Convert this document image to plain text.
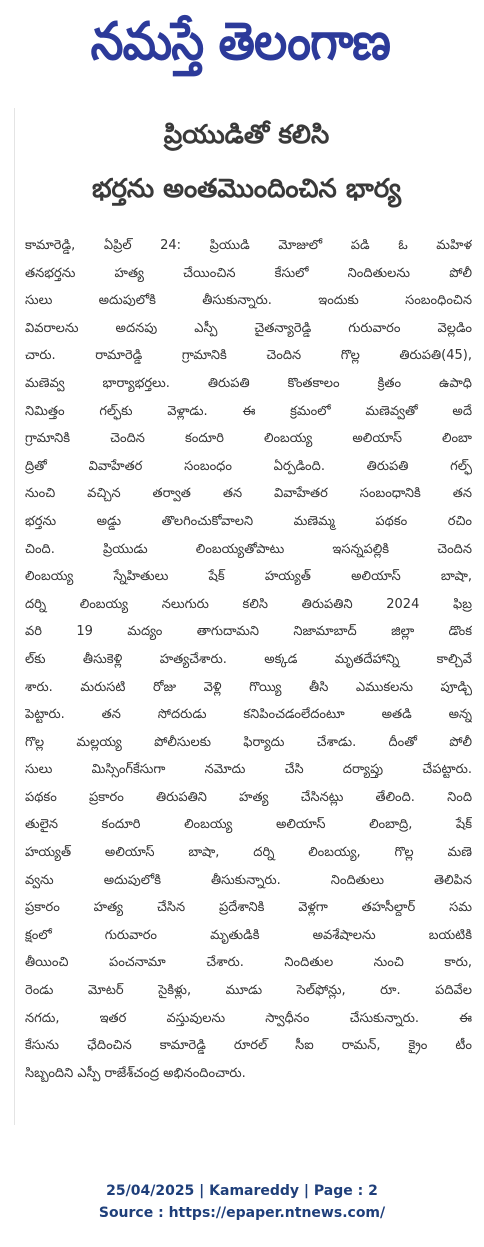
నమస్తే తెలంగాణ
ప్రియుడితో కలిసి
భర్తను అంతమొందించిన భార్య
కామారెడ్డి, ఏప్రిల్ 24: ప్రియుడి మోజులో పడి ఓ మహిళ
తనభర్తను హత్య చేయించిన కేసులో నిందితులను పోలీ
సులు అదుపులోకి తీసుకున్నారు. ఇందుకు సంబంధించిన
వివరాలను అదనపు ఎస్పీ చైతన్యారెడ్డి గురువారం వెల్లడిం
చారు. రామారెడ్డి గ్రామానికి చెందిన గొల్ల తిరుపతి(45),
మణెవ్వ భార్యాభర్తలు. తిరుపతి కొంతకాలం క్రితం ఉపాధి
నిమిత్తం గల్ఫ్‌కు వెళ్లాడు. ఈ క్రమంలో మణెవ్వతో అదే
గ్రామానికి చెందిన కందూరి లింబయ్య అలియాస్ లింబా
ద్రితో వివాహేతర సంబంధం ఏర్పడింది. తిరుపతి గల్ఫ్
నుంచి వచ్చిన తర్వాత తన వివాహేతర సంబంధానికి తన
భర్తను అడ్డు తొలగించుకోవాలని మణెమ్మ పథకం రచిం
చింది. ప్రియుడు లింబయ్యతోపాటు ఇసన్నపల్లికి చెందిన
లింబయ్య స్నేహితులు షేక్ హయ్యత్ అలియాస్ బాషా,
దర్ని లింబయ్య నలుగురు కలిసి తిరుపతిని 2024 ఫిబ్ర
వరి 19 మద్యం తాగుదామని నిజామాబాద్ జిల్లా డొంక
ల్‌కు తీసుకెళ్లి హత్యచేశారు. అక్కడ మృతదేహాన్ని కాల్చివే
శారు. మరుసటి రోజు వెళ్లి గొయ్యి తీసి ఎముకలను పూడ్చి
పెట్టారు. తన సోదరుడు కనిపించడంలేదంటూ అతడి అన్న
గొల్ల మల్లయ్య పోలీసులకు ఫిర్యాదు చేశాడు. దీంతో పోలీ
సులు మిస్సింగ్‌కేసుగా నమోదు చేసి దర్యాప్తు చేపట్టారు.
పథకం ప్రకారం తిరుపతిని హత్య చేసినట్లు తేలింది. నింది
తులైన కందూరి లింబయ్య అలియాస్ లింబాద్రి, షేక్
హయ్యత్ అలియాస్ బాషా, దర్ని లింబయ్య, గొల్ల మణె
వ్వను అదుపులోకి తీసుకున్నారు. నిందితులు తెలిపిన
ప్రకారం హత్య చేసిన ప్రదేశానికి వెళ్లగా తహసీల్దార్ సమ
క్షంలో గురువారం మృతుడికి అవశేషాలను బయటికి
తీయించి పంచనామా చేశారు. నిందితుల నుంచి కారు,
రెండు మోటర్ సైకిళ్లు, మూడు సెల్‌ఫోన్లు, రూ. పదివేల
నగదు, ఇతర వస్తువులను స్వాధీనం చేసుకున్నారు. ఈ
కేసును ఛేదించిన కామారెడ్డి రూరల్ సీఐ రామన్, క్రైం టీం
సిబ్బందిని ఎస్పీ రాజేశ్‌చంద్ర అభినందించారు.
25/04/2025 | Kamareddy | Page : 2
Source : https://epaper.ntnews.com/
